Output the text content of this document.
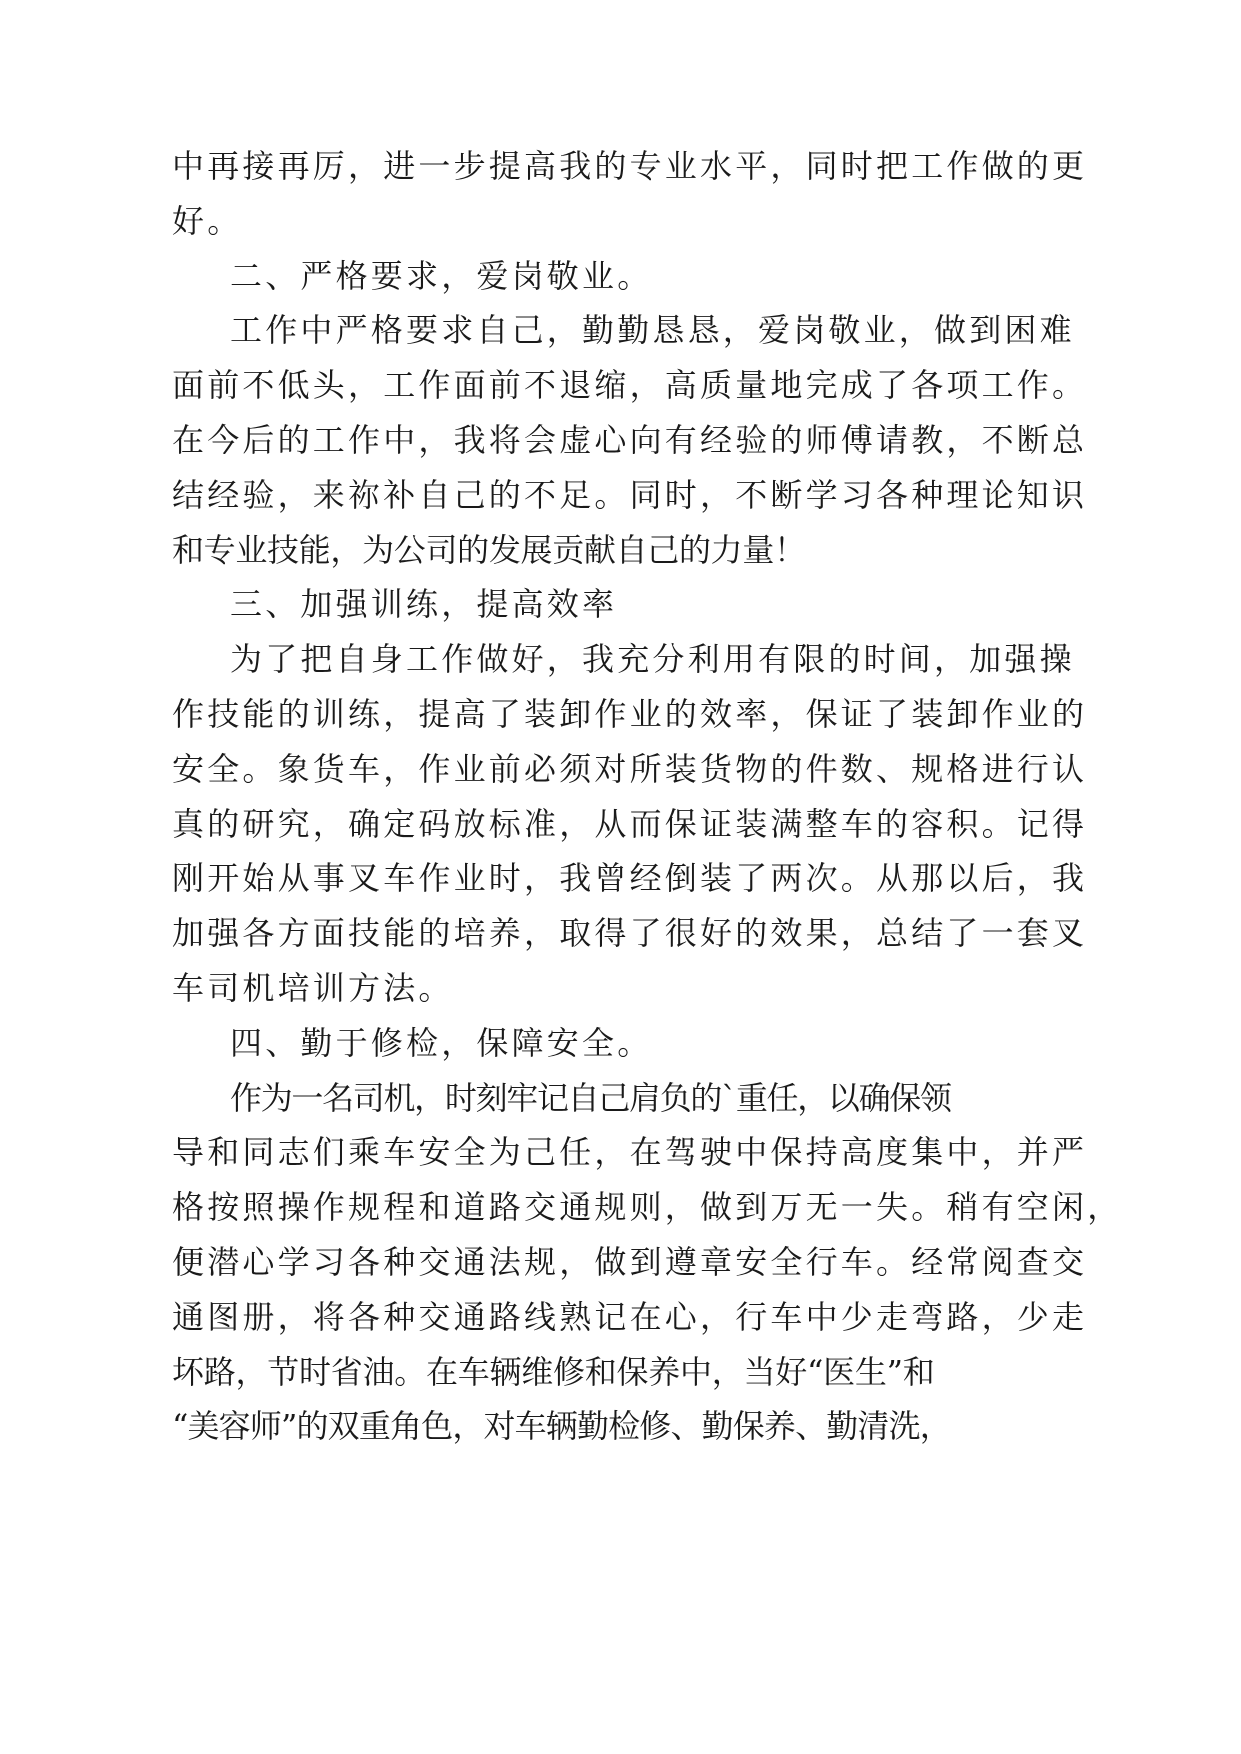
中再接再厉，进一步提高我的专业水平，同时把工作做的更
好。
二、严格要求，爱岗敬业。
工作中严格要求自己，勤勤恳恳，爱岗敬业，做到困难
面前不低头，工作面前不退缩，高质量地完成了各项工作。
在今后的工作中，我将会虚心向有经验的师傅请教，不断总
结经验，来祢补自己的不足。同时，不断学习各种理论知识
和专业技能，为公司的发展贡献自己的力量！
三、加强训练，提高效率
为了把自身工作做好，我充分利用有限的时间，加强操
作技能的训练，提高了装卸作业的效率，保证了装卸作业的
安全。象货车，作业前必须对所装货物的件数、规格进行认
真的研究，确定码放标准，从而保证装满整车的容积。记得
刚开始从事叉车作业时，我曾经倒装了两次。从那以后，我
加强各方面技能的培养，取得了很好的效果，总结了一套叉
车司机培训方法。
四、勤于修检，保障安全。
作为一名司机，时刻牢记自己肩负的`重任，以确保领
导和同志们乘车安全为己任，在驾驶中保持高度集中，并严
格按照操作规程和道路交通规则，做到万无一失。稍有空闲，
便潜心学习各种交通法规，做到遵章安全行车。经常阅查交
通图册，将各种交通路线熟记在心，行车中少走弯路，少走
坏路，节时省油。在车辆维修和保养中，当好“医生”和
“美容师”的双重角色，对车辆勤检修、勤保养、勤清洗，
